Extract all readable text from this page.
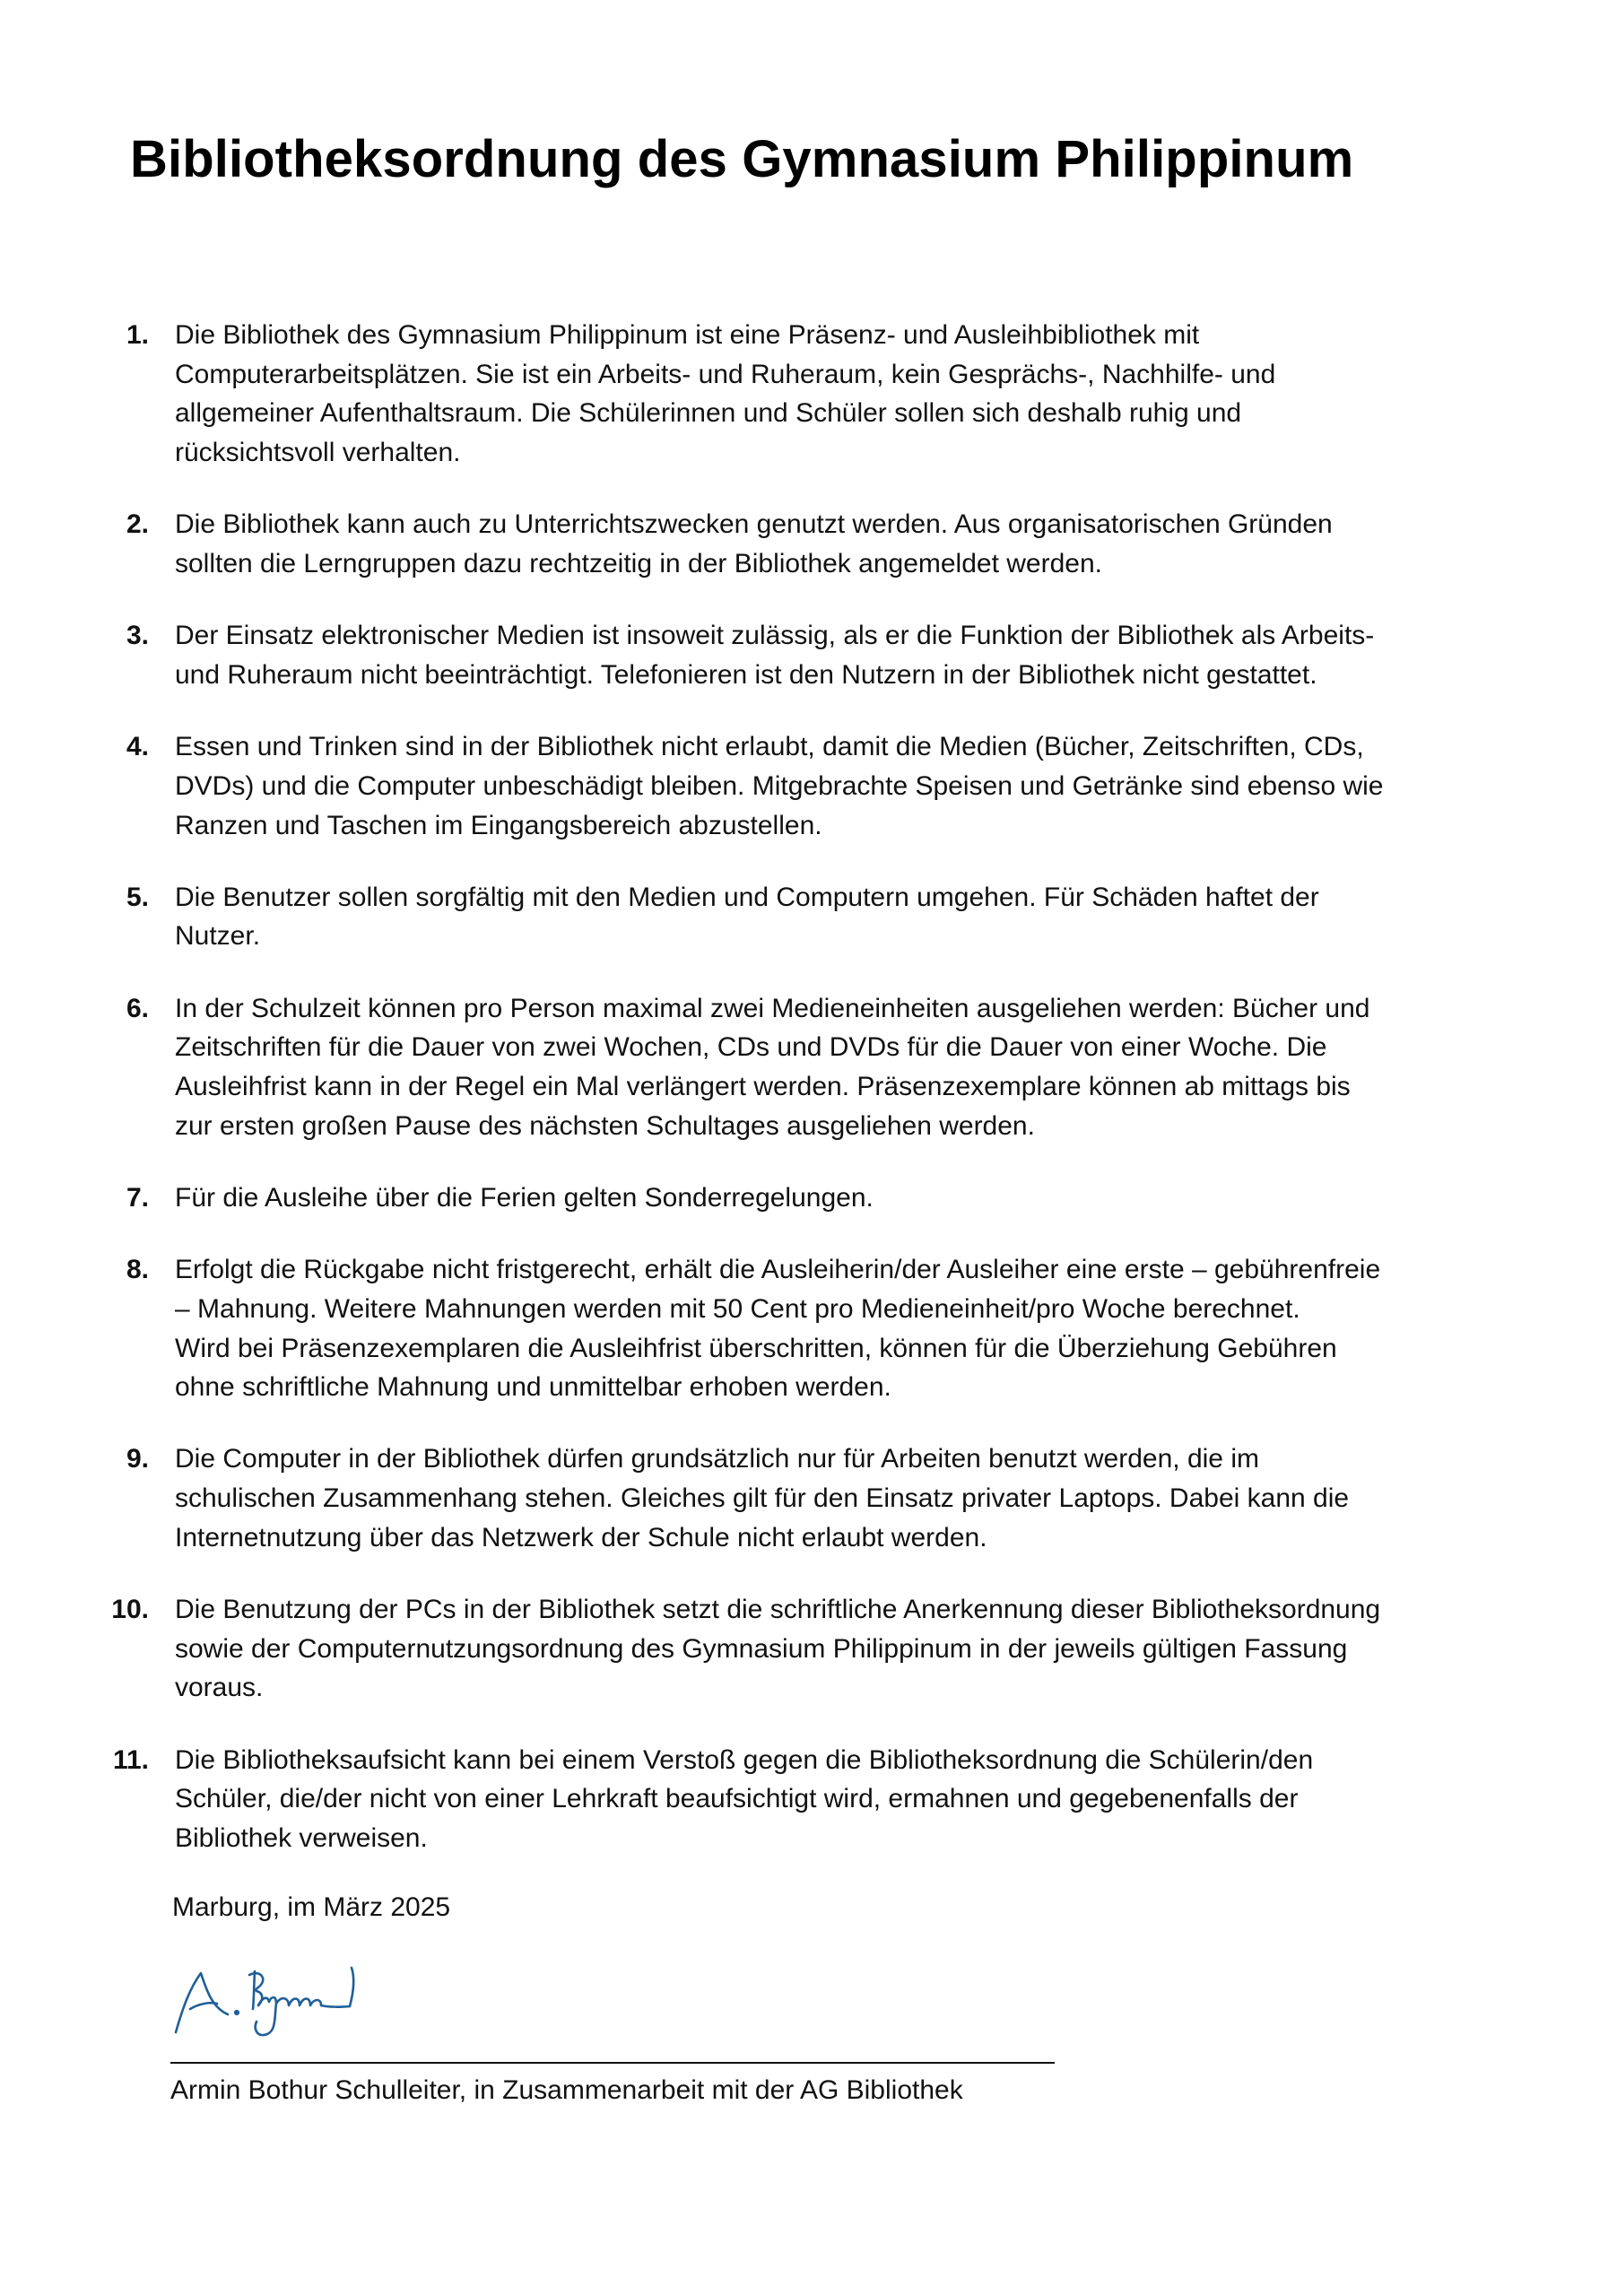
Bibliotheksordnung des Gymnasium Philippinum
1. Die Bibliothek des Gymnasium Philippinum ist eine Präsenz- und Ausleihbibliothek mit
Computerarbeitsplätzen. Sie ist ein Arbeits- und Ruheraum, kein Gesprächs-, Nachhilfe- und
allgemeiner Aufenthaltsraum. Die Schülerinnen und Schüler sollen sich deshalb ruhig und
rücksichtsvoll verhalten.
2. Die Bibliothek kann auch zu Unterrichtszwecken genutzt werden. Aus organisatorischen Gründen
sollten die Lerngruppen dazu rechtzeitig in der Bibliothek angemeldet werden.
3. Der Einsatz elektronischer Medien ist insoweit zulässig, als er die Funktion der Bibliothek als Arbeits-
und Ruheraum nicht beeinträchtigt. Telefonieren ist den Nutzern in der Bibliothek nicht gestattet.
4. Essen und Trinken sind in der Bibliothek nicht erlaubt, damit die Medien (Bücher, Zeitschriften, CDs,
DVDs) und die Computer unbeschädigt bleiben. Mitgebrachte Speisen und Getränke sind ebenso wie
Ranzen und Taschen im Eingangsbereich abzustellen.
5. Die Benutzer sollen sorgfältig mit den Medien und Computern umgehen. Für Schäden haftet der
Nutzer.
6. In der Schulzeit können pro Person maximal zwei Medieneinheiten ausgeliehen werden: Bücher und
Zeitschriften für die Dauer von zwei Wochen, CDs und DVDs für die Dauer von einer Woche. Die
Ausleihfrist kann in der Regel ein Mal verlängert werden. Präsenzexemplare können ab mittags bis
zur ersten großen Pause des nächsten Schultages ausgeliehen werden.
7. Für die Ausleihe über die Ferien gelten Sonderregelungen.
8. Erfolgt die Rückgabe nicht fristgerecht, erhält die Ausleiherin/der Ausleiher eine erste – gebührenfreie
– Mahnung. Weitere Mahnungen werden mit 50 Cent pro Medieneinheit/pro Woche berechnet.
Wird bei Präsenzexemplaren die Ausleihfrist überschritten, können für die Überziehung Gebühren
ohne schriftliche Mahnung und unmittelbar erhoben werden.
9. Die Computer in der Bibliothek dürfen grundsätzlich nur für Arbeiten benutzt werden, die im
schulischen Zusammenhang stehen. Gleiches gilt für den Einsatz privater Laptops. Dabei kann die
Internetnutzung über das Netzwerk der Schule nicht erlaubt werden.
10. Die Benutzung der PCs in der Bibliothek setzt die schriftliche Anerkennung dieser Bibliotheksordnung
sowie der Computernutzungsordnung des Gymnasium Philippinum in der jeweils gültigen Fassung
voraus.
11. Die Bibliotheksaufsicht kann bei einem Verstoß gegen die Bibliotheksordnung die Schülerin/den
Schüler, die/der nicht von einer Lehrkraft beaufsichtigt wird, ermahnen und gegebenenfalls der
Bibliothek verweisen.
Marburg, im März 2025
Armin Bothur Schulleiter, in Zusammenarbeit mit der AG Bibliothek
